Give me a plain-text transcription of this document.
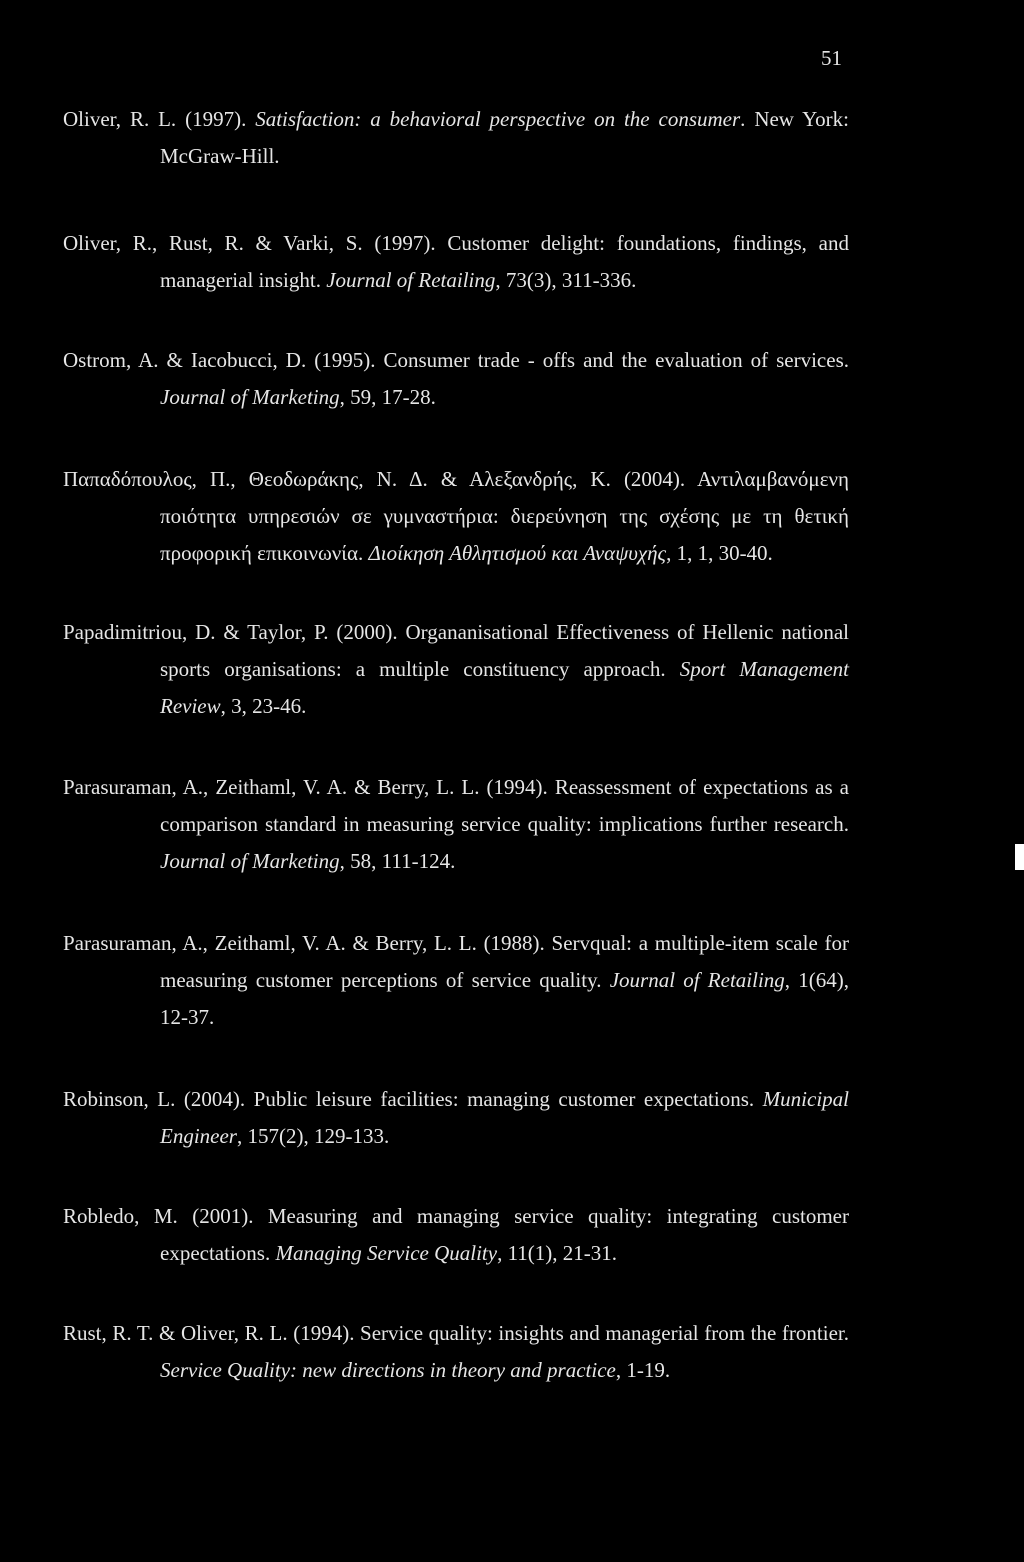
51
Oliver, R. L. (1997). Satisfaction: a behavioral perspective on the consumer. New York: McGraw-Hill.
Oliver, R., Rust, R. & Varki, S. (1997). Customer delight: foundations, findings, and managerial insight. Journal of Retailing, 73(3), 311-336.
Ostrom, A. & Iacobucci, D. (1995). Consumer trade - offs and the evaluation of services. Journal of Marketing, 59, 17-28.
Παπαδόπουλος, Π., Θεοδωράκης, Ν. Δ. & Αλεξανδρής, Κ. (2004). Αντιλαμβανόμενη ποιότητα υπηρεσιών σε γυμναστήρια: διερεύνηση της σχέσης με τη θετική προφορική επικοινωνία. Διοίκηση Αθλητισμού και Αναψυχής, 1, 1, 30-40.
Papadimitriou, D. & Taylor, P. (2000). Organanisational Effectiveness of Hellenic national sports organisations: a multiple constituency approach. Sport Management Review, 3, 23-46.
Parasuraman, A., Zeithaml, V. A. & Berry, L. L. (1994). Reassessment of expectations as a comparison standard in measuring service quality: implications further research. Journal of Marketing, 58, 111-124.
Parasuraman, A., Zeithaml, V. A. & Berry, L. L. (1988). Servqual: a multiple-item scale for measuring customer perceptions of service quality. Journal of Retailing, 1(64), 12-37.
Robinson, L. (2004). Public leisure facilities: managing customer expectations. Municipal Engineer, 157(2), 129-133.
Robledo, M. (2001). Measuring and managing service quality: integrating customer expectations. Managing Service Quality, 11(1), 21-31.
Rust, R. T. & Oliver, R. L. (1994). Service quality: insights and managerial from the frontier. Service Quality: new directions in theory and practice, 1-19.
